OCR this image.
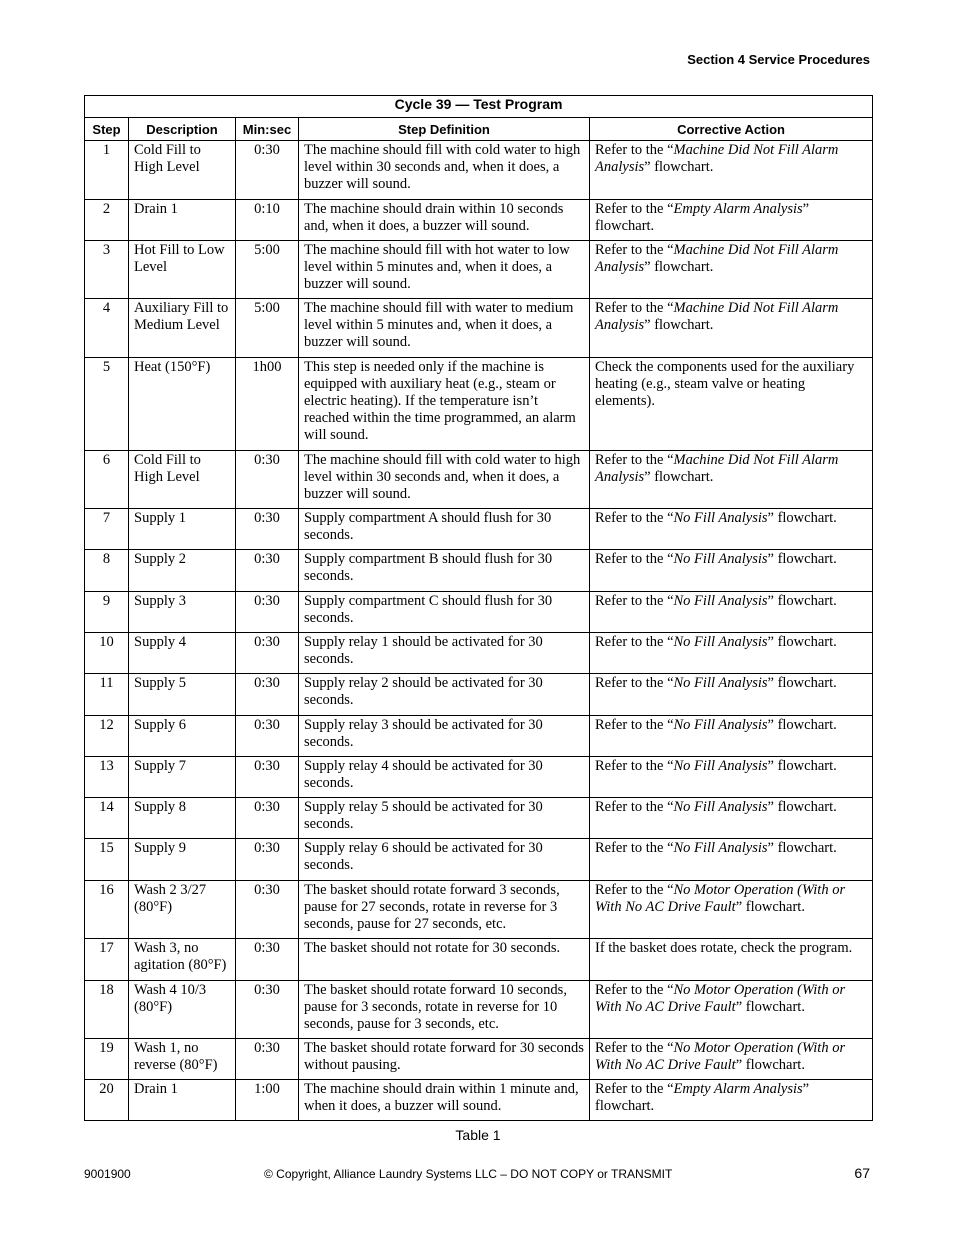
Section 4 Service Procedures
Cycle 39 — Test Program				
Step	Description	Min:sec	Step Definition	Corrective Action
1	Cold Fill to High Level	0:30	The machine should fill with cold water to high level within 30 seconds and, when it does, a buzzer will sound.	Refer to the “Machine Did Not Fill Alarm Analysis” flowchart.
2	Drain 1	0:10	The machine should drain within 10 seconds and, when it does, a buzzer will sound.	Refer to the “Empty Alarm Analysis” flowchart.
3	Hot Fill to Low Level	5:00	The machine should fill with hot water to low level within 5 minutes and, when it does, a buzzer will sound.	Refer to the “Machine Did Not Fill Alarm Analysis” flowchart.
4	Auxiliary Fill to Medium Level	5:00	The machine should fill with water to medium level within 5 minutes and, when it does, a buzzer will sound.	Refer to the “Machine Did Not Fill Alarm Analysis” flowchart.
5	Heat (150°F)	1h00	This step is needed only if the machine is equipped with auxiliary heat (e.g., steam or electric heating). If the temperature isn’t reached within the time programmed, an alarm will sound.	Check the components used for the auxiliary heating (e.g., steam valve or heating elements).
6	Cold Fill to High Level	0:30	The machine should fill with cold water to high level within 30 seconds and, when it does, a buzzer will sound.	Refer to the “Machine Did Not Fill Alarm Analysis” flowchart.
7	Supply 1	0:30	Supply compartment A should flush for 30 seconds.	Refer to the “No Fill Analysis” flowchart.
8	Supply 2	0:30	Supply compartment B should flush for 30 seconds.	Refer to the “No Fill Analysis” flowchart.
9	Supply 3	0:30	Supply compartment C should flush for 30 seconds.	Refer to the “No Fill Analysis” flowchart.
10	Supply 4	0:30	Supply relay 1 should be activated for 30 seconds.	Refer to the “No Fill Analysis” flowchart.
11	Supply 5	0:30	Supply relay 2 should be activated for 30 seconds.	Refer to the “No Fill Analysis” flowchart.
12	Supply 6	0:30	Supply relay 3 should be activated for 30 seconds.	Refer to the “No Fill Analysis” flowchart.
13	Supply 7	0:30	Supply relay 4 should be activated for 30 seconds.	Refer to the “No Fill Analysis” flowchart.
14	Supply 8	0:30	Supply relay 5 should be activated for 30 seconds.	Refer to the “No Fill Analysis” flowchart.
15	Supply 9	0:30	Supply relay 6 should be activated for 30 seconds.	Refer to the “No Fill Analysis” flowchart.
16	Wash 2 3/27 (80°F)	0:30	The basket should rotate forward 3 seconds, pause for 27 seconds, rotate in reverse for 3 seconds, pause for 27 seconds, etc.	Refer to the “No Motor Operation (With or With No AC Drive Fault” flowchart.
17	Wash 3, no agitation (80°F)	0:30	The basket should not rotate for 30 seconds.	If the basket does rotate, check the program.
18	Wash 4 10/3 (80°F)	0:30	The basket should rotate forward 10 seconds, pause for 3 seconds, rotate in reverse for 10 seconds, pause for 3 seconds, etc.	Refer to the “No Motor Operation (With or With No AC Drive Fault” flowchart.
19	Wash 1, no reverse (80°F)	0:30	The basket should rotate forward for 30 seconds without pausing.	Refer to the “No Motor Operation (With or With No AC Drive Fault” flowchart.
20	Drain 1	1:00	The machine should drain within 1 minute and, when it does, a buzzer will sound.	Refer to the “Empty Alarm Analysis” flowchart.
Table 1
9001900	© Copyright, Alliance Laundry Systems LLC – DO NOT COPY or TRANSMIT	67
